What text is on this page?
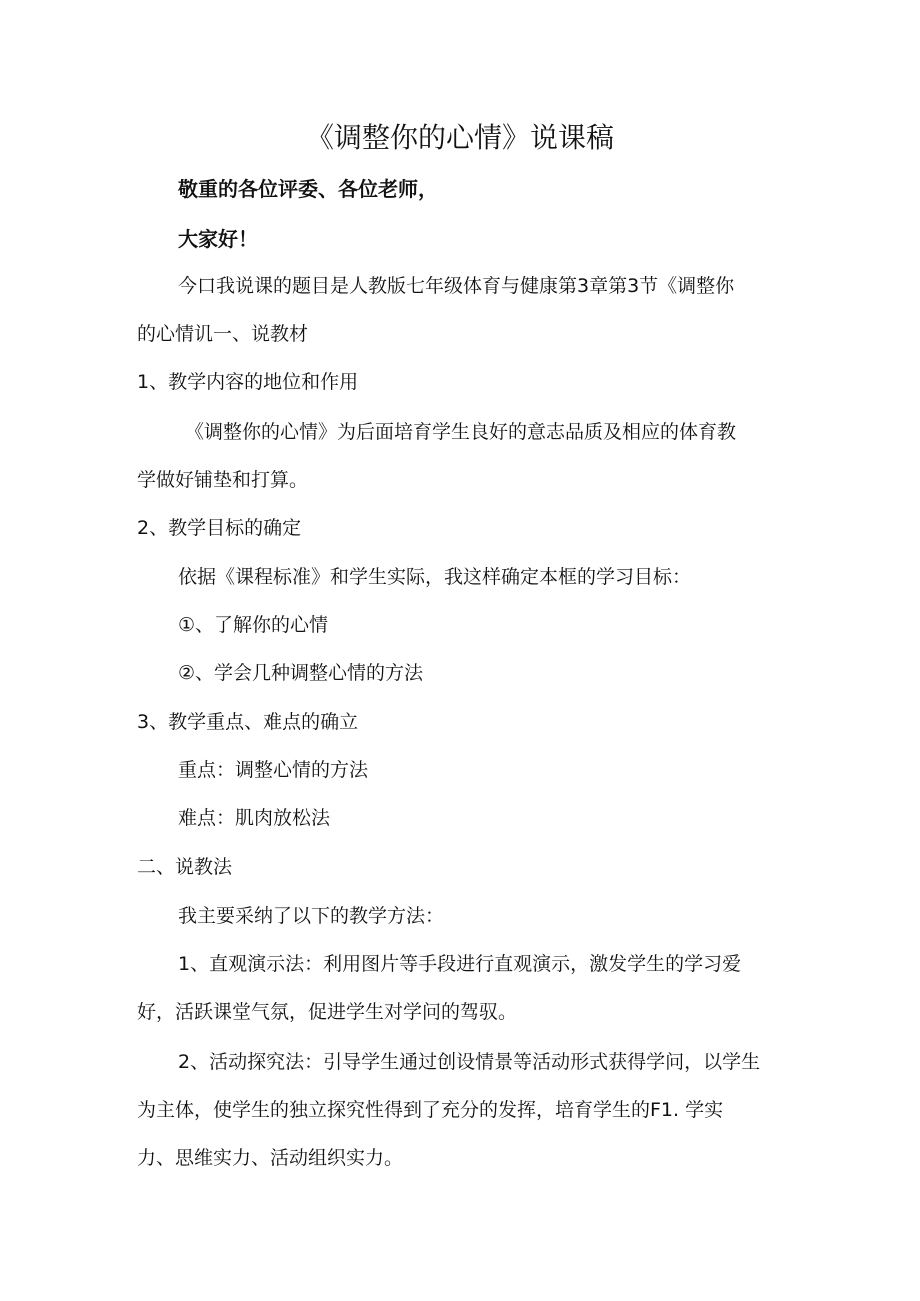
《调整你的心情》说课稿
敬重的各位评委、各位老师，
大家好！
今口我说课的题目是人教版七年级体育与健康第3章第3节《调整你
的心情讥一、说教材
1、教学内容的地位和作用
《调整你的心情》为后面培育学生良好的意志品质及相应的体育教
学做好铺垫和打算。
2、教学目标的确定
依据《课程标准》和学生实际，我这样确定本框的学习目标：
①、了解你的心情
②、学会几种调整心情的方法
3、教学重点、难点的确立
重点：调整心情的方法
难点：肌肉放松法
二、说教法
我主要采纳了以下的教学方法：
1、直观演示法：利用图片等手段进行直观演示，激发学生的学习爱
好，活跃课堂气氛，促进学生对学问的驾驭。
2、活动探究法：引导学生通过创设情景等活动形式获得学问，以学生
为主体，使学生的独立探究性得到了充分的发挥，培育学生的F1. 学实
力、思维实力、活动组织实力。
